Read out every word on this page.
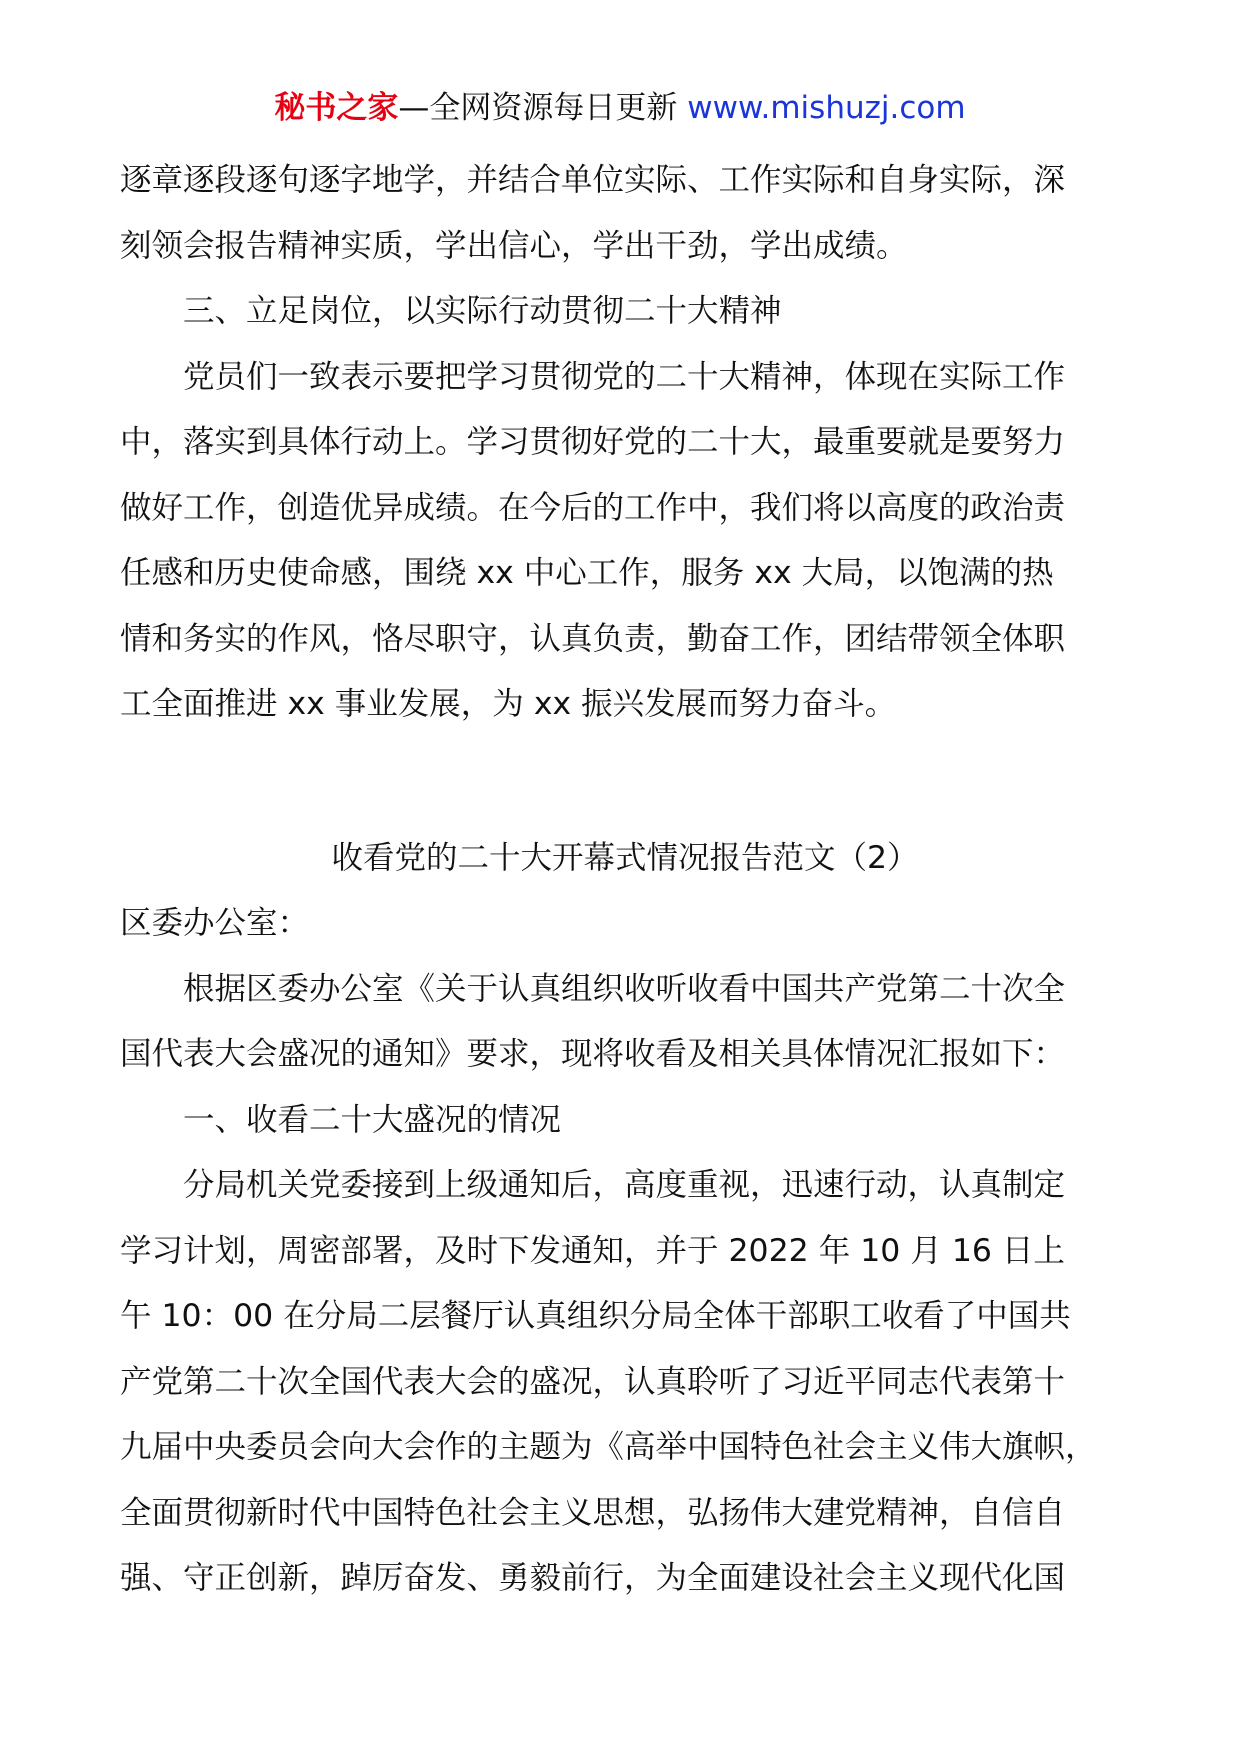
秘书之家—全网资源每日更新 www.mishuzj.com
逐章逐段逐句逐字地学，并结合单位实际、工作实际和自身实际，深
刻领会报告精神实质，学出信心，学出干劲，学出成绩。
三、立足岗位，以实际行动贯彻二十大精神
党员们一致表示要把学习贯彻党的二十大精神，体现在实际工作
中，落实到具体行动上。学习贯彻好党的二十大，最重要就是要努力
做好工作，创造优异成绩。在今后的工作中，我们将以高度的政治责
任感和历史使命感，围绕 xx 中心工作，服务 xx 大局，以饱满的热
情和务实的作风，恪尽职守，认真负责，勤奋工作，团结带领全体职
工全面推进 xx 事业发展，为 xx 振兴发展而努力奋斗。
收看党的二十大开幕式情况报告范文（2）
区委办公室：
根据区委办公室《关于认真组织收听收看中国共产党第二十次全
国代表大会盛况的通知》要求，现将收看及相关具体情况汇报如下：
一、收看二十大盛况的情况
分局机关党委接到上级通知后，高度重视，迅速行动，认真制定
学习计划，周密部署，及时下发通知，并于 2022 年 10 月 16 日上
午 10：00 在分局二层餐厅认真组织分局全体干部职工收看了中国共
产党第二十次全国代表大会的盛况，认真聆听了习近平同志代表第十
九届中央委员会向大会作的主题为《高举中国特色社会主义伟大旗帜，
全面贯彻新时代中国特色社会主义思想，弘扬伟大建党精神，自信自
强、守正创新，踔厉奋发、勇毅前行，为全面建设社会主义现代化国
